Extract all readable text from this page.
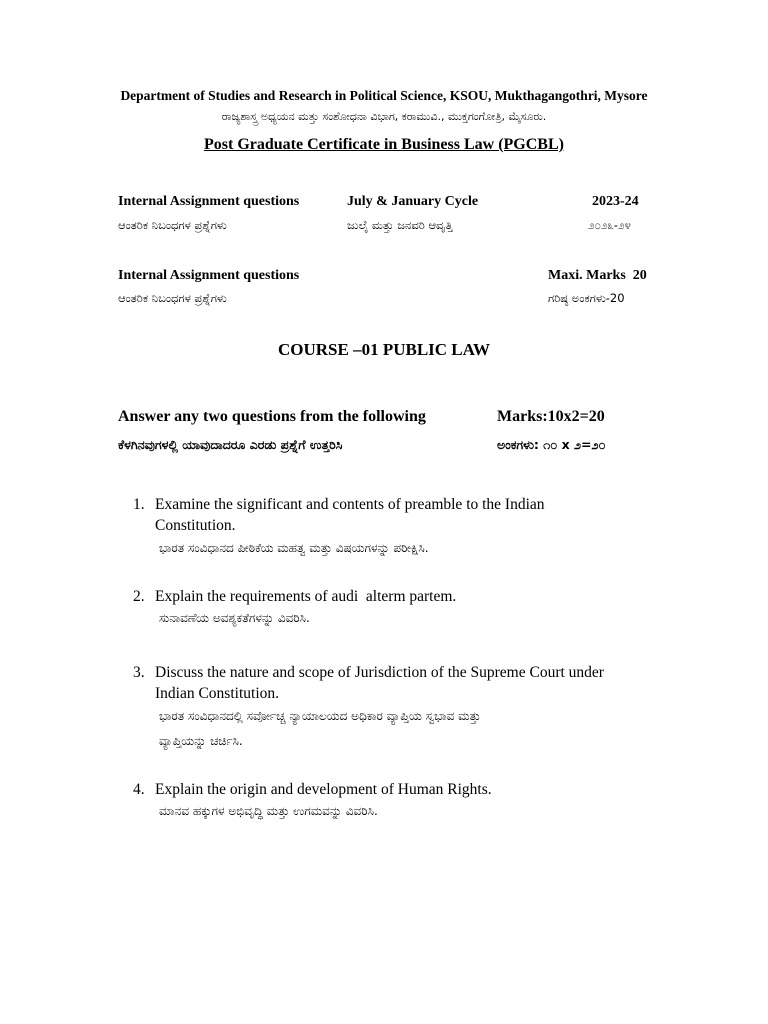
Department of Studies and Research in Political Science, KSOU, Mukthagangothri, Mysore
ರಾಜ್ಯಶಾಸ್ತ್ರ ಅಧ್ಯಯನ ಮತ್ತು ಸಂಶೋಧನಾ ವಿಭಾಗ, ಕರಾಮುವಿ., ಮುಕ್ತಗಂಗೋತ್ರಿ, ಮೈಸೂರು.
Post Graduate Certificate in Business Law (PGCBL)
Internal Assignment questions	July & January Cycle	2023-24
ಆಂತರಿಕ ನಿಬಂಧಗಳ ಪ್ರಶ್ನೆಗಳು	ಜುಲೈ ಮತ್ತು ಜನವರಿ ಆವೃತ್ತಿ	೨೦೨೩-೨೪
Internal Assignment questions	Maxi. Marks  20
ಆಂತರಿಕ ನಿಬಂಧಗಳ ಪ್ರಶ್ನೆಗಳು	ಗರಿಷ್ಠ ಅಂಕಗಳು-20
COURSE –01 PUBLIC LAW
Answer any two questions from the following	Marks:10x2=20
ಕೆಳಗಿನವುಗಳಲ್ಲಿ ಯಾವುದಾದರೂ ಎರಡು ಪ್ರಶ್ನೆಗೆ ಉತ್ತರಿಸಿ	ಅಂಕಗಳು: ೧೦ x ೨=೨೦
1. Examine the significant and contents of preamble to the Indian
Constitution.
ಭಾರತ ಸಂವಿಧಾನದ ಪೀಠಿಕೆಯ ಮಹತ್ವ ಮತ್ತು ವಿಷಯಗಳನ್ನು ಪರೀಕ್ಷಿಸಿ.
2. Explain the requirements of audi  alterm partem.
ಸುನಾವಣೆಯ ಅವಶ್ಯಕತೆಗಳನ್ನು ವಿವರಿಸಿ.
3. Discuss the nature and scope of Jurisdiction of the Supreme Court under
Indian Constitution.
ಭಾರತ ಸಂವಿಧಾನದಲ್ಲಿ ಸರ್ವೋಚ್ಚ ನ್ಯಾಯಾಲಯದ ಅಧಿಕಾರ ವ್ಯಾಪ್ತಿಯ ಸ್ವಭಾವ ಮತ್ತು
ವ್ಯಾಪ್ತಿಯನ್ನು ಚರ್ಚಿಸಿ.
4. Explain the origin and development of Human Rights.
ಮಾನವ ಹಕ್ಕುಗಳ ಅಭಿವೃದ್ಧಿ ಮತ್ತು ಉಗಮವನ್ನು ವಿವರಿಸಿ.
